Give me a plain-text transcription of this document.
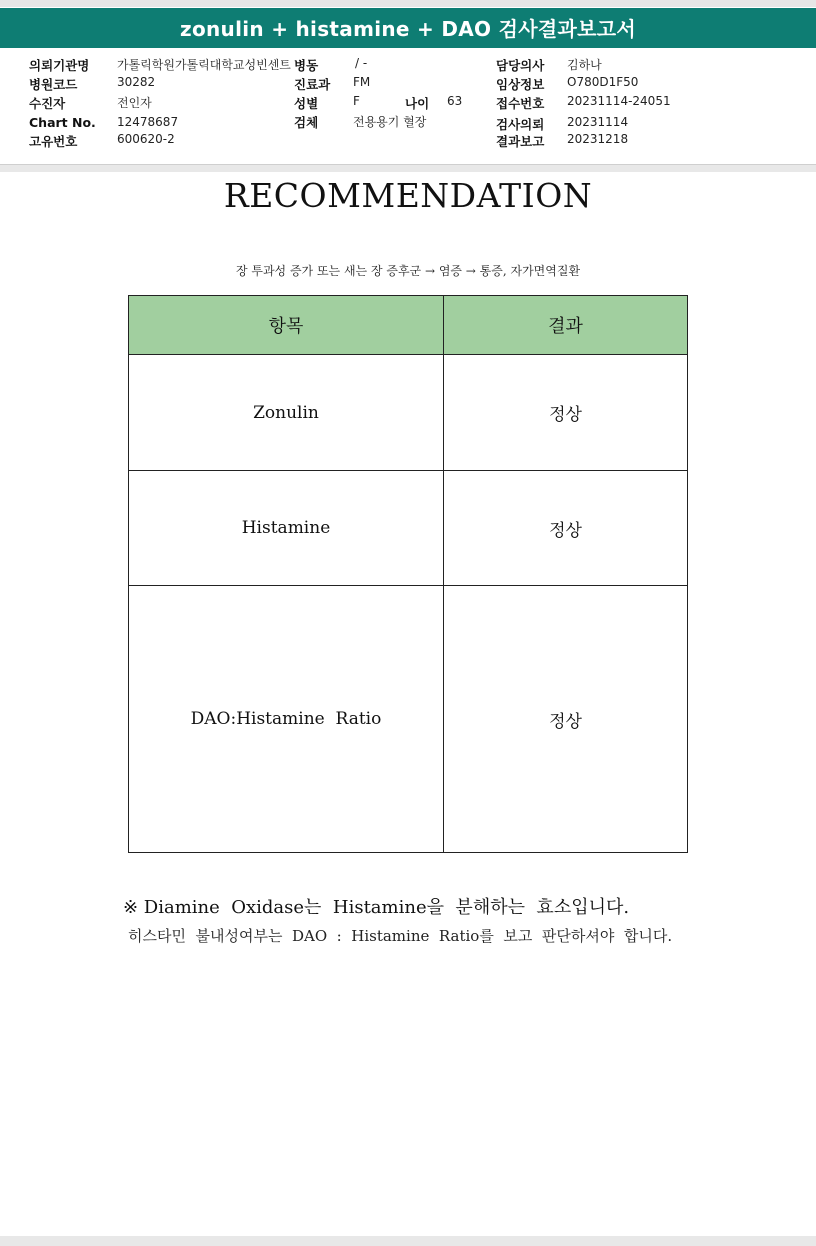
zonulin + histamine + DAO 검사결과보고서
의뢰기관명 가톨릭학원가톨릭대학교성빈센트 병동	/ -	담당의사 김하나
병원코드	30282	진료과 FM	임상정보 O780D1F50
수진자	전인자	성별	F	나이 63	접수번호 20231114-24051
Chart No. 12478687	검체	전용용기 혈장	검사의뢰 20231114
고유번호	600620-2	결과보고 20231218
RECOMMENDATION
장 투과성 증가 또는 새는 장 증후군 → 염증 → 통증, 자가면역질환
항목	결과
Zonulin	정상
Histamine	정상
DAO:Histamine  Ratio	정상
※ Diamine  Oxidase는  Histamine을  분해하는  효소입니다.
히스타민  불내성여부는  DAO  :  Histamine  Ratio를  보고  판단하셔야  합니다.
